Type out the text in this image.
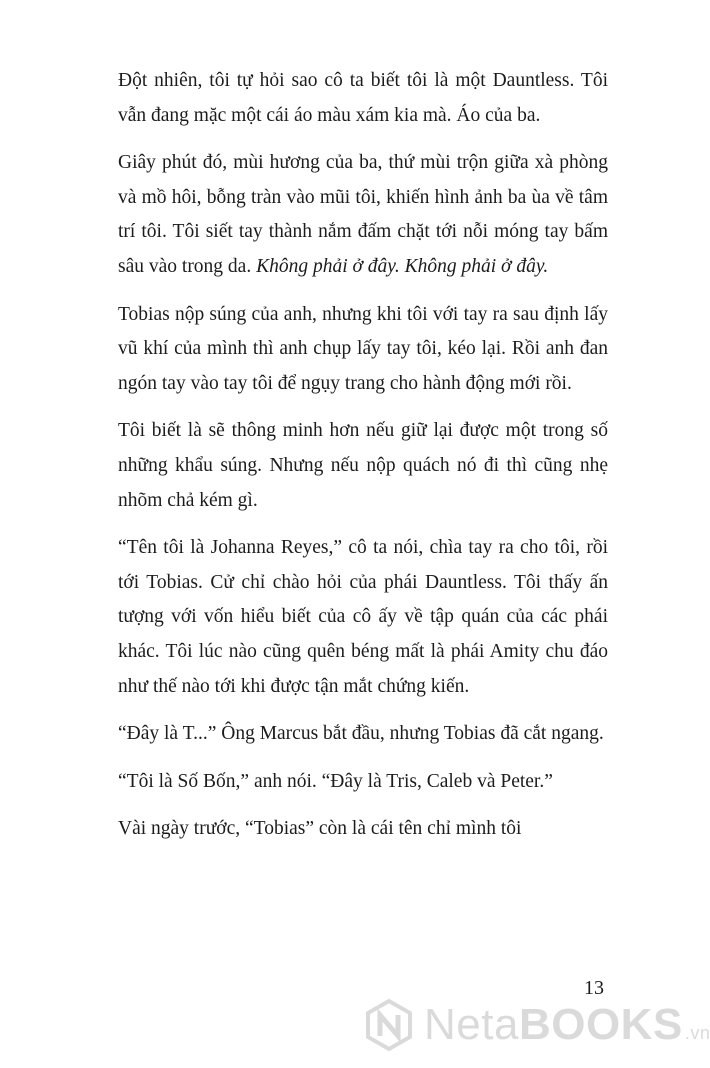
Đột nhiên, tôi tự hỏi sao cô ta biết tôi là một Dauntless. Tôi vẫn đang mặc một cái áo màu xám kia mà. Áo của ba.

Giây phút đó, mùi hương của ba, thứ mùi trộn giữa xà phòng và mồ hôi, bỗng tràn vào mũi tôi, khiến hình ảnh ba ùa về tâm trí tôi. Tôi siết tay thành nắm đấm chặt tới nỗi móng tay bấm sâu vào trong da. Không phải ở đây. Không phải ở đây.

Tobias nộp súng của anh, nhưng khi tôi với tay ra sau định lấy vũ khí của mình thì anh chụp lấy tay tôi, kéo lại. Rồi anh đan ngón tay vào tay tôi để ngụy trang cho hành động mới rồi.

Tôi biết là sẽ thông minh hơn nếu giữ lại được một trong số những khẩu súng. Nhưng nếu nộp quách nó đi thì cũng nhẹ nhõm chả kém gì.

“Tên tôi là Johanna Reyes,” cô ta nói, chìa tay ra cho tôi, rồi tới Tobias. Cử chỉ chào hỏi của phái Dauntless. Tôi thấy ấn tượng với vốn hiểu biết của cô ấy về tập quán của các phái khác. Tôi lúc nào cũng quên béng mất là phái Amity chu đáo như thế nào tới khi được tận mắt chứng kiến.

“Đây là T...” Ông Marcus bắt đầu, nhưng Tobias đã cắt ngang.

“Tôi là Số Bốn,” anh nói. “Đây là Tris, Caleb và Peter.”

Vài ngày trước, “Tobias” còn là cái tên chỉ mình tôi

13
Neta BOOKS .vn
